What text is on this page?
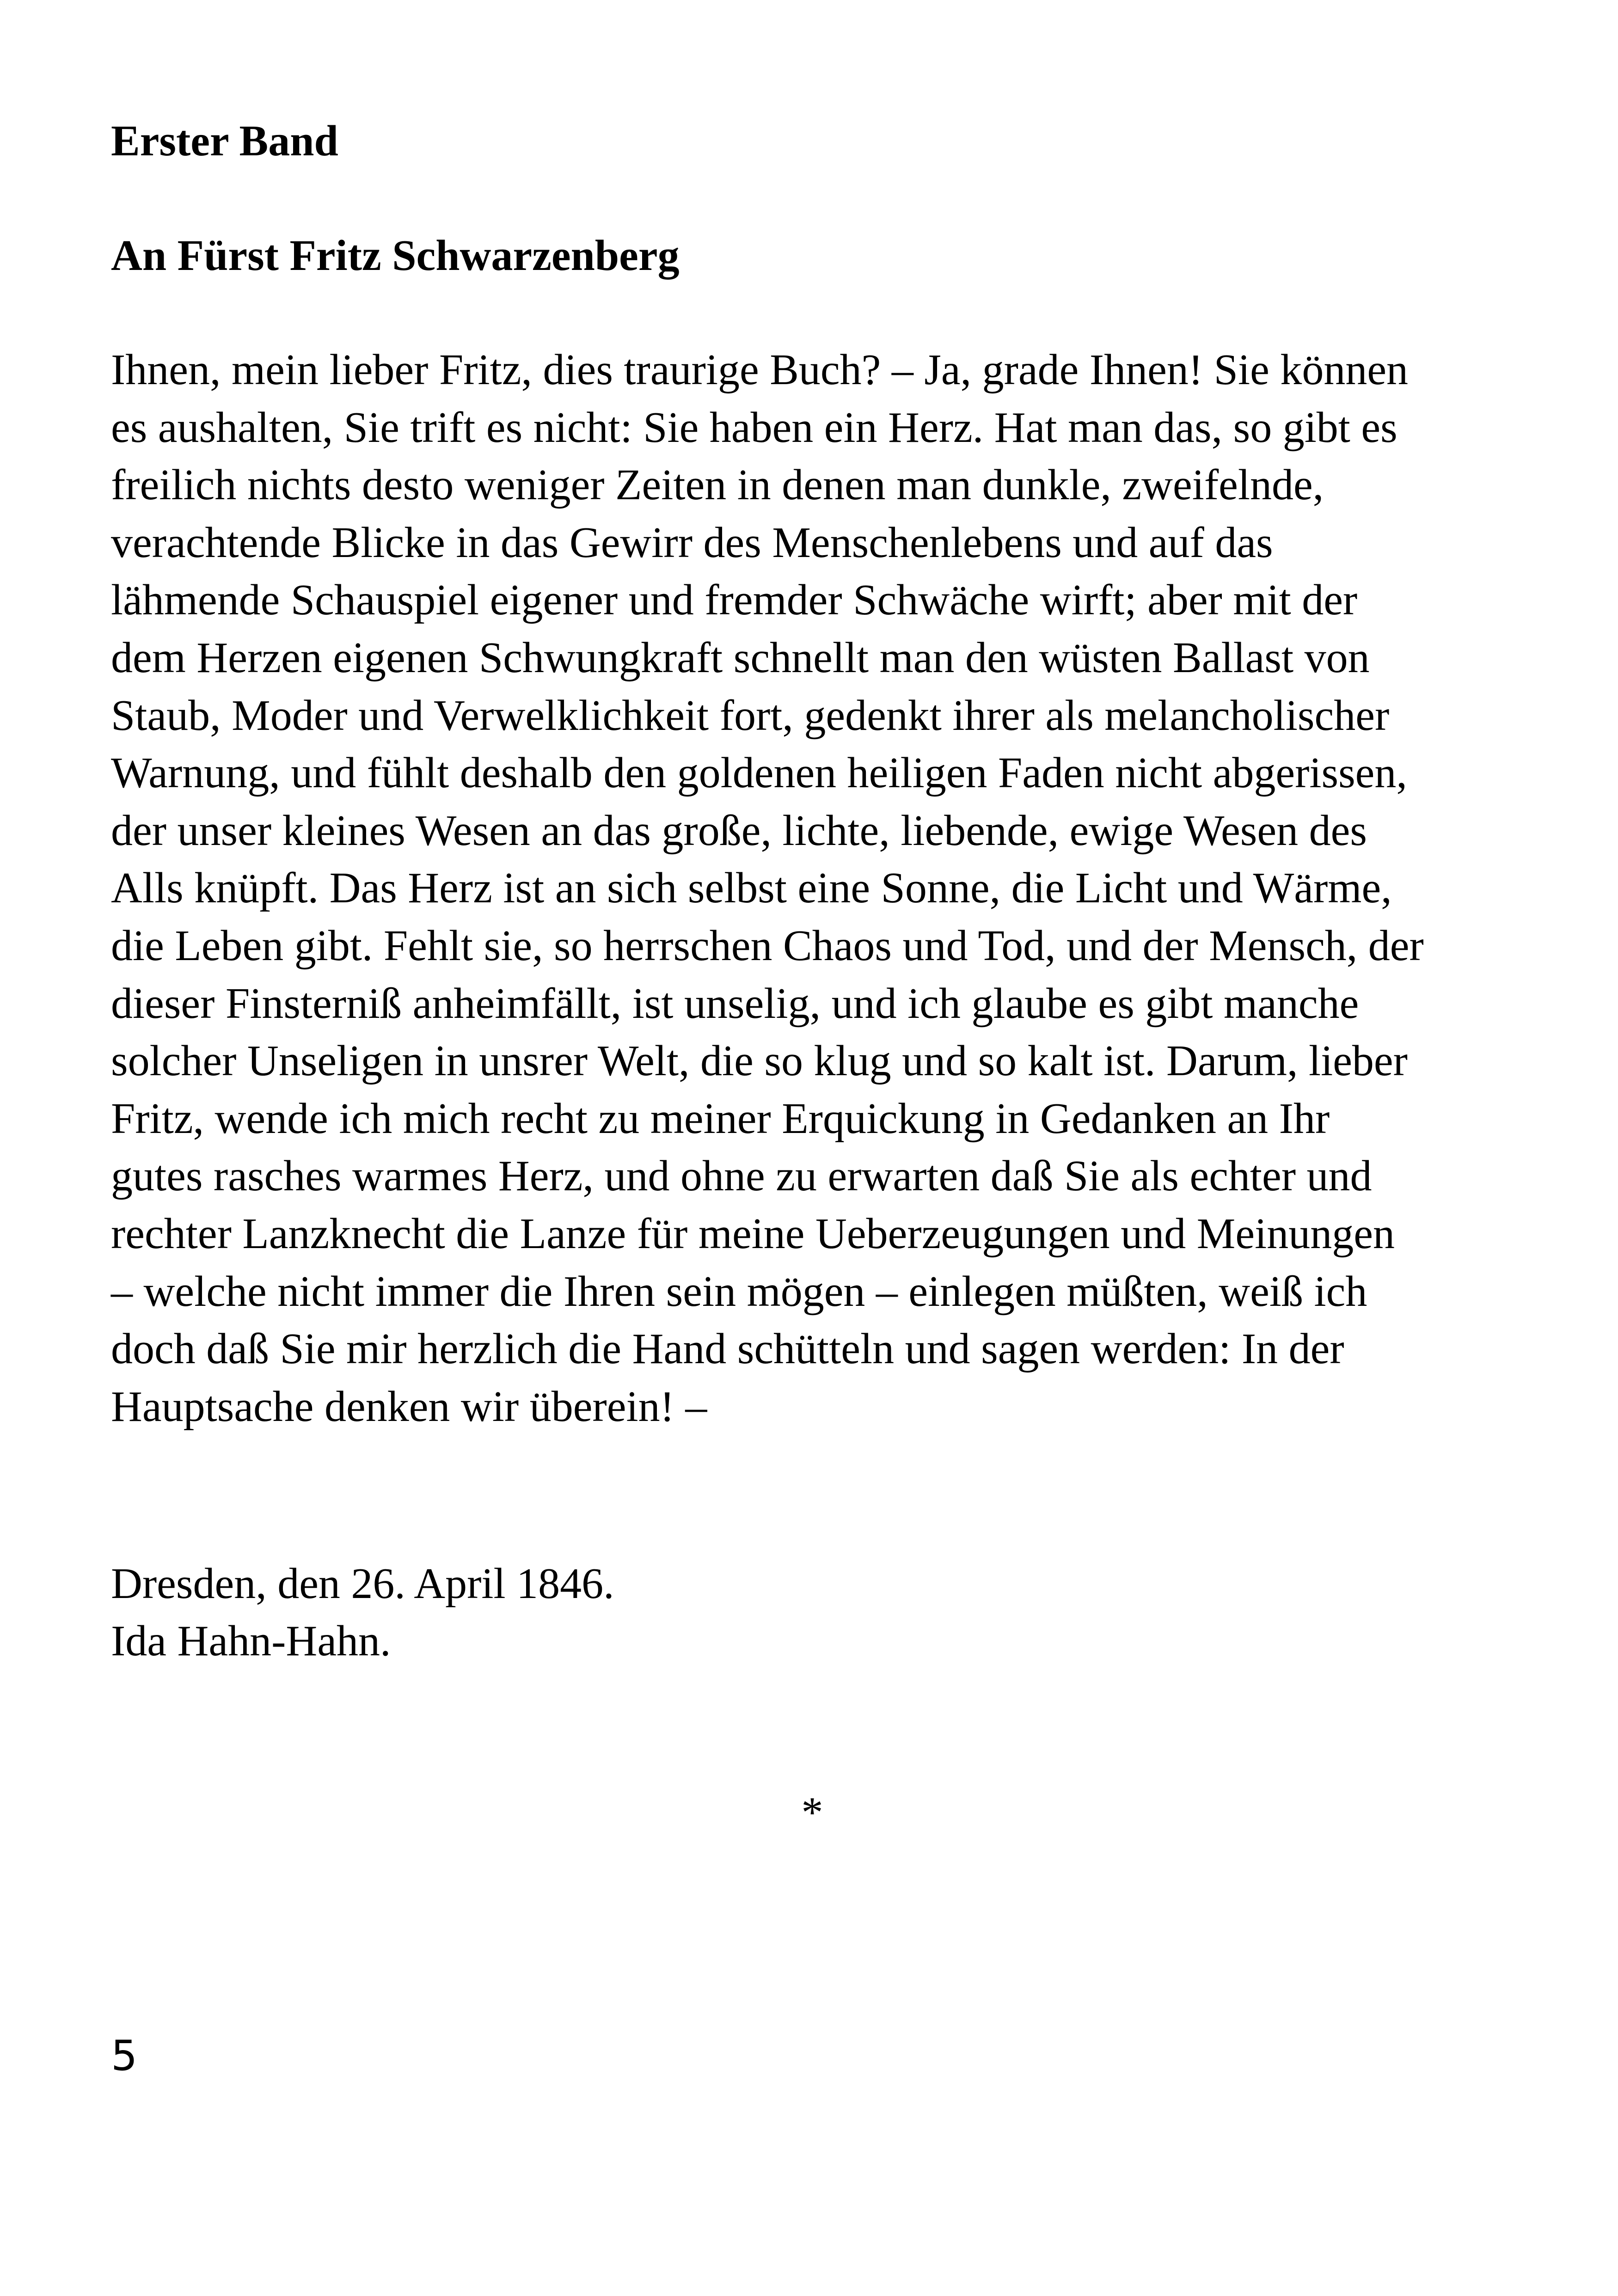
Erster Band
An Fürst Fritz Schwarzenberg
Ihnen, mein lieber Fritz, dies traurige Buch? – Ja, grade Ihnen! Sie können
es aushalten, Sie trift es nicht: Sie haben ein Herz. Hat man das, so gibt es
freilich nichts desto weniger Zeiten in denen man dunkle, zweifelnde,
verachtende Blicke in das Gewirr des Menschenlebens und auf das
lähmende Schauspiel eigener und fremder Schwäche wirft; aber mit der
dem Herzen eigenen Schwungkraft schnellt man den wüsten Ballast von
Staub, Moder und Verwelklichkeit fort, gedenkt ihrer als melancholischer
Warnung, und fühlt deshalb den goldenen heiligen Faden nicht abgerissen,
der unser kleines Wesen an das große, lichte, liebende, ewige Wesen des
Alls knüpft. Das Herz ist an sich selbst eine Sonne, die Licht und Wärme,
die Leben gibt. Fehlt sie, so herrschen Chaos und Tod, und der Mensch, der
dieser Finsterniß anheimfällt, ist unselig, und ich glaube es gibt manche
solcher Unseligen in unsrer Welt, die so klug und so kalt ist. Darum, lieber
Fritz, wende ich mich recht zu meiner Erquickung in Gedanken an Ihr
gutes rasches warmes Herz, und ohne zu erwarten daß Sie als echter und
rechter Lanzknecht die Lanze für meine Ueberzeugungen und Meinungen
– welche nicht immer die Ihren sein mögen – einlegen müßten, weiß ich
doch daß Sie mir herzlich die Hand schütteln und sagen werden: In der
Hauptsache denken wir überein! –
Dresden, den 26. April 1846.
Ida Hahn-Hahn.
*
5
